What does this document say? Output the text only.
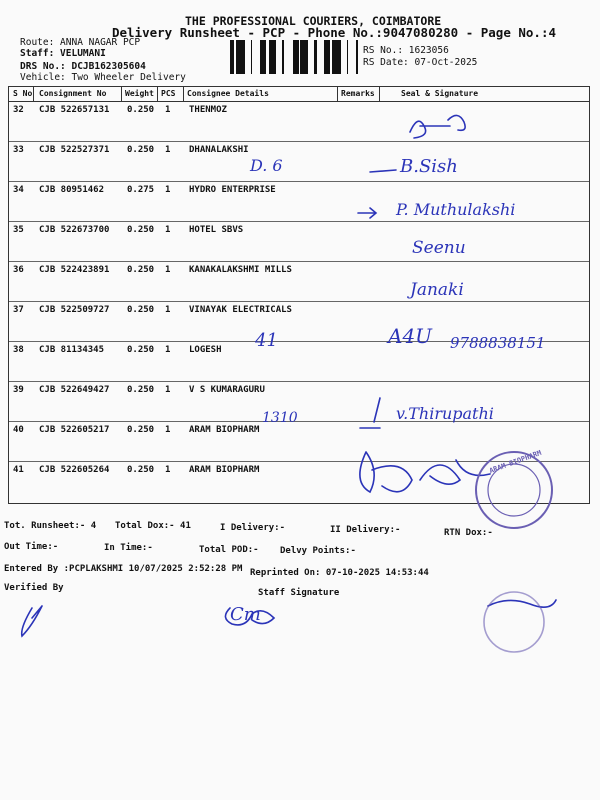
THE PROFESSIONAL COURIERS, COIMBATORE
Delivery Runsheet - PCP - Phone No.:9047080280 - Page No.:4
Route: ANNA NAGAR PCP
Staff: VELUMANI
DRS No.: DCJB162305604
Vehicle: Two Wheeler Delivery
RS No.: 1623056
RS Date: 07-Oct-2025
S No Consignment No Weight PCS Consignee Details	Remarks	Seal & Signature
32 CJB 522657131 0.250 1 THENMOZ
33 CJB 522527371 0.250 1 DHANALAKSHI
34 CJB 80951462	0.275 1 HYDRO ENTERPRISE
35 CJB 522673700 0.250 1 HOTEL SBVS
36 CJB 522423891 0.250 1 KANAKALAKSHMI MILLS
37 CJB 522509727 0.250 1 VINAYAK ELECTRICALS
38 CJB 81134345	0.250 1 LOGESH
39 CJB 522649427 0.250 1 V S KUMARAGURU
40 CJB 522605217 0.250 1 ARAM BIOPHARM
41 CJB 522605264 0.250 1 ARAM BIOPHARM
D. 6	B.Sish
P. Muthulakshi
Seenu
Janaki
41	A4U 9788838151
1310	v.Thirupathi
Cm
ARAM BIOPHARM
Tot. Runsheet:- 4 Total Dox:- 41	I Delivery:-	II Delivery:-	RTN Dox:-
Out Time:-	In Time:-	Total POD:- Delvy Points:-
Entered By :PCPLAKSHMI 10/07/2025 2:52:28 PM Reprinted On: 07-10-2025 14:53:44
Verified By	Staff Signature
